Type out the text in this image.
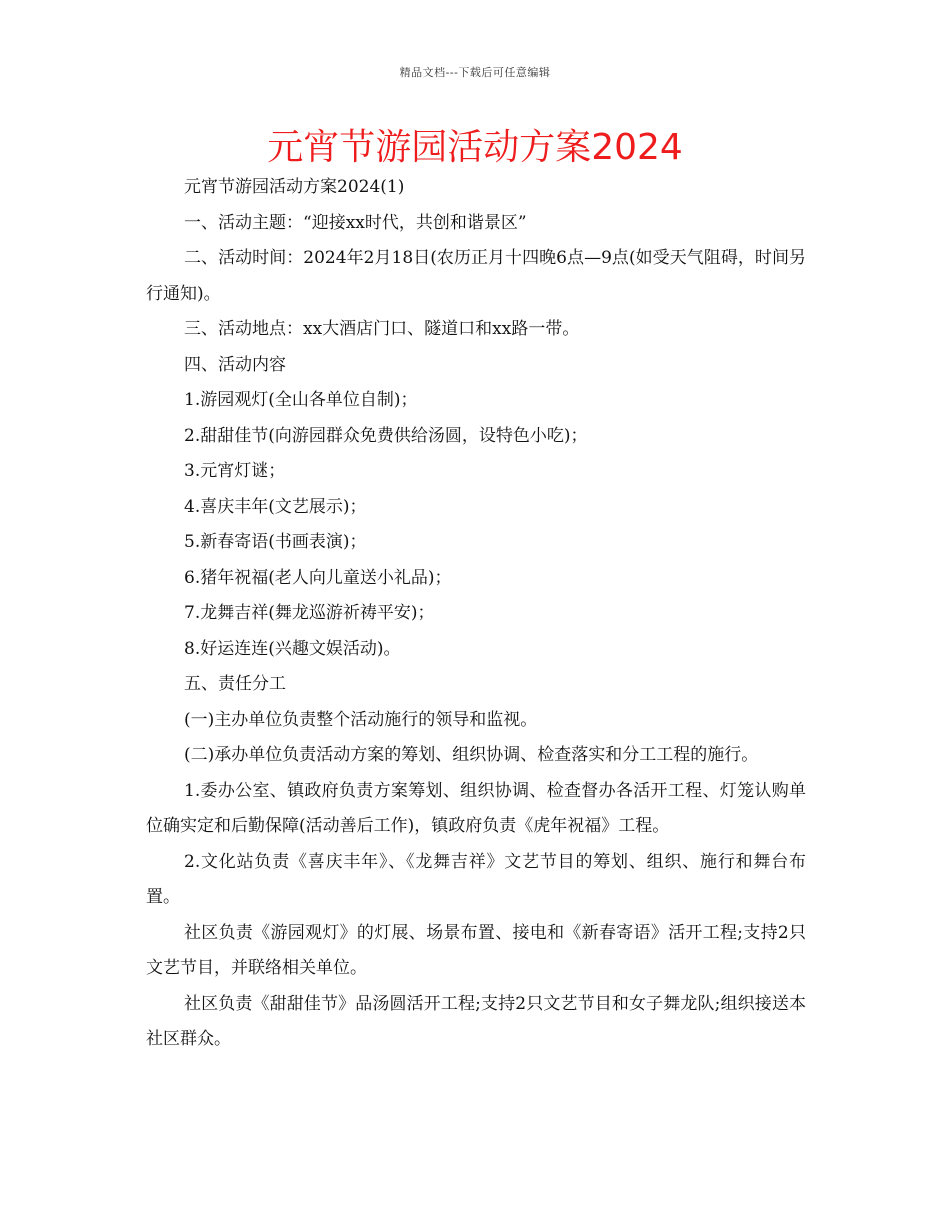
精品文档---下载后可任意编辑
元宵节游园活动方案2024

元宵节游园活动方案2024(1)

一、活动主题：“迎接xx时代，共创和谐景区”

二、活动时间：2024年2月18日(农历正月十四晚6点—9点(如受天气阻碍，时间另行通知)。

三、活动地点：xx大酒店门口、隧道口和xx路一带。

四、活动内容

1.游园观灯(全山各单位自制)；

2.甜甜佳节(向游园群众免费供给汤圆，设特色小吃)；

3.元宵灯谜；

4.喜庆丰年(文艺展示)；

5.新春寄语(书画表演)；

6.猪年祝福(老人向儿童送小礼品)；

7.龙舞吉祥(舞龙巡游祈祷平安)；

8.好运连连(兴趣文娱活动)。

五、责任分工

(一)主办单位负责整个活动施行的领导和监视。

(二)承办单位负责活动方案的筹划、组织协调、检查落实和分工工程的施行。

1.委办公室、镇政府负责方案筹划、组织协调、检查督办各活开工程、灯笼认购单位确实定和后勤保障(活动善后工作)，镇政府负责《虎年祝福》工程。

2.文化站负责《喜庆丰年》、《龙舞吉祥》文艺节目的筹划、组织、施行和舞台布置。

社区负责《游园观灯》的灯展、场景布置、接电和《新春寄语》活开工程;支持2只文艺节目，并联络相关单位。

社区负责《甜甜佳节》品汤圆活开工程;支持2只文艺节目和女子舞龙队;组织接送本社区群众。
